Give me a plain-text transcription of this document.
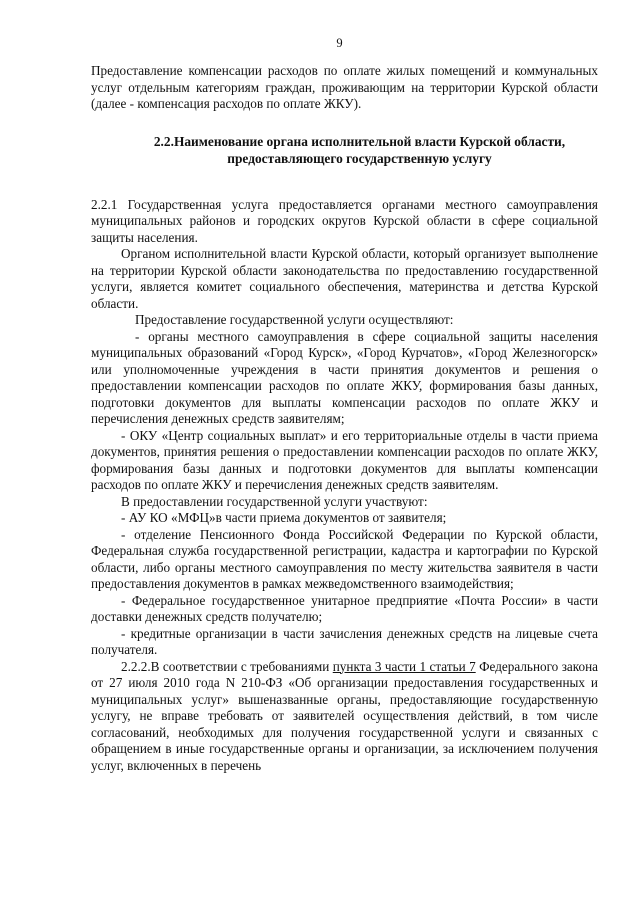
9

Предоставление компенсации расходов по оплате жилых помещений и коммунальных услуг отдельным категориям граждан, проживающим на территории Курской области (далее - компенсация расходов по оплате ЖКУ).

2.2.Наименование органа исполнительной власти Курской области,
предоставляющего государственную услугу

2.2.1 Государственная услуга предоставляется органами местного самоуправления муниципальных районов и городских округов Курской области в сфере социальной защиты населения.

Органом исполнительной власти Курской области, который организует выполнение на территории Курской области законодательства по предоставлению государственной услуги, является комитет социального обеспечения, материнства и детства Курской области.

Предоставление государственной услуги осуществляют:

- органы местного самоуправления в сфере социальной защиты населения муниципальных образований «Город Курск», «Город Курчатов», «Город Железногорск» или уполномоченные учреждения в части принятия документов и решения о предоставлении компенсации расходов по оплате ЖКУ, формирования базы данных, подготовки документов для выплаты компенсации расходов по оплате ЖКУ и перечисления денежных средств заявителям;

- ОКУ «Центр социальных выплат» и его территориальные отделы в части приема документов, принятия решения о предоставлении компенсации расходов по оплате ЖКУ, формирования базы данных и подготовки документов для выплаты компенсации расходов по оплате ЖКУ и перечисления денежных средств заявителям.

В предоставлении государственной услуги участвуют:

- АУ КО «МФЦ»в части приема документов от заявителя;

- отделение Пенсионного Фонда Российской Федерации по Курской области, Федеральная служба государственной регистрации, кадастра и картографии по Курской области, либо органы местного самоуправления по месту жительства заявителя в части предоставления документов в рамках межведомственного взаимодействия;

- Федеральное государственное унитарное предприятие «Почта России» в части доставки денежных средств получателю;

- кредитные организации в части зачисления денежных средств на лицевые счета получателя.

2.2.2.В соответствии с требованиями пункта 3 части 1 статьи 7 Федерального закона от 27 июля 2010 года N 210-ФЗ «Об организации предоставления государственных и муниципальных услуг» вышеназванные органы, предоставляющие государственную услугу, не вправе требовать от заявителей осуществления действий, в том числе согласований, необходимых для получения государственной услуги и связанных с обращением в иные государственные органы и организации, за исключением получения услуг, включенных в перечень
